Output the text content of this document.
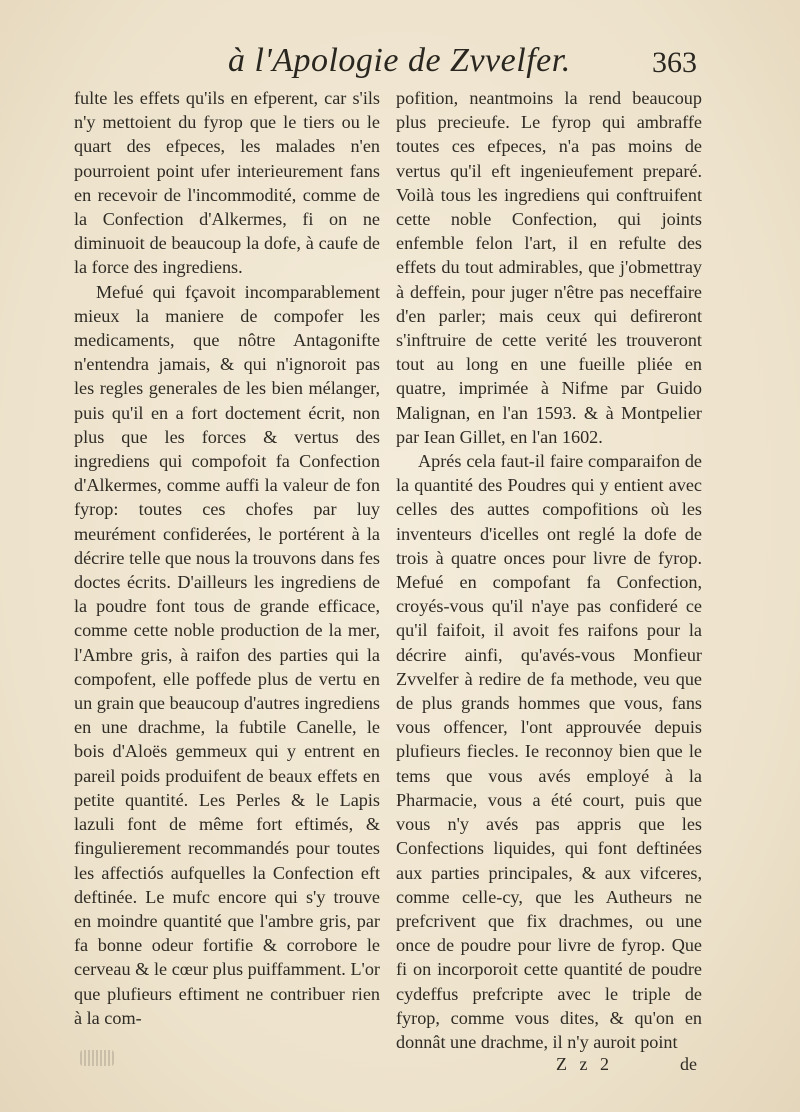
à l'Apologie de Zvvelfer.	363

fulte les effets qu'ils en efperent, car s'ils n'y mettoient du fyrop que le tiers ou le quart des efpeces, les malades n'en pourroient point ufer interieurement fans en recevoir de l'incommodité, comme de la Confection d'Alkermes, fi on ne diminuoit de beaucoup la dofe, à caufe de la force des ingrediens.

Mefué qui fçavoit incomparablement mieux la maniere de compofer les medicaments, que nôtre Antagonifte n'entendra jamais, & qui n'ignoroit pas les regles generales de les bien mélanger, puis qu'il en a fort doctement écrit, non plus que les forces & vertus des ingrediens qui compofoit fa Confection d'Alkermes, comme auffi la valeur de fon fyrop: toutes ces chofes par luy meurément confiderées, le portérent à la décrire telle que nous la trouvons dans fes doctes écrits. D'ailleurs les ingrediens de la poudre font tous de grande efficace, comme cette noble production de la mer, l'Ambre gris, à raifon des parties qui la compofent, elle poffede plus de vertu en un grain que beaucoup d'autres ingrediens en une drachme, la fubtile Canelle, le bois d'Aloës gemmeux qui y entrent en pareil poids produifent de beaux effets en petite quantité. Les Perles & le Lapis lazuli font de même fort eftimés, & fingulierement recommandés pour toutes les affectiós aufquelles la Confection eft deftinée. Le mufc encore qui s'y trouve en moindre quantité que l'ambre gris, par fa bonne odeur fortifie & corrobore le cerveau & le cœur plus puiffamment. L'or que plufieurs eftiment ne contribuer rien à la com-

pofition, neantmoins la rend beaucoup plus precieufe. Le fyrop qui ambraffe toutes ces efpeces, n'a pas moins de vertus qu'il eft ingenieufement preparé. Voilà tous les ingrediens qui conftruifent cette noble Confection, qui joints enfemble felon l'art, il en refulte des effets du tout admirables, que j'obmettray à deffein, pour juger n'être pas neceffaire d'en parler; mais ceux qui defireront s'inftruire de cette verité les trouveront tout au long en une fueille pliée en quatre, imprimée à Nifme par Guido Malignan, en l'an 1593. & à Montpelier par Iean Gillet, en l'an 1602.

Aprés cela faut-il faire comparaifon de la quantité des Poudres qui y entient avec celles des auttes compofitions où les inventeurs d'icelles ont reglé la dofe de trois à quatre onces pour livre de fyrop. Mefué en compofant fa Confection, croyés-vous qu'il n'aye pas confideré ce qu'il faifoit, il avoit fes raifons pour la décrire ainfi, qu'avés-vous Monfieur Zvvelfer à redire de fa methode, veu que de plus grands hommes que vous, fans vous offencer, l'ont approuvée depuis plufieurs fiecles. Ie reconnoy bien que le tems que vous avés employé à la Pharmacie, vous a été court, puis que vous n'y avés pas appris que les Confections liquides, qui font deftinées aux parties principales, & aux vifceres, comme celle-cy, que les Autheurs ne prefcrivent que fix drachmes, ou une once de poudre pour livre de fyrop. Que fi on incorporoit cette quantité de poudre cydeffus prefcripte avec le triple de fyrop, comme vous dites, & qu'on en donnât une drachme, il n'y auroit point

Z z 2	de
